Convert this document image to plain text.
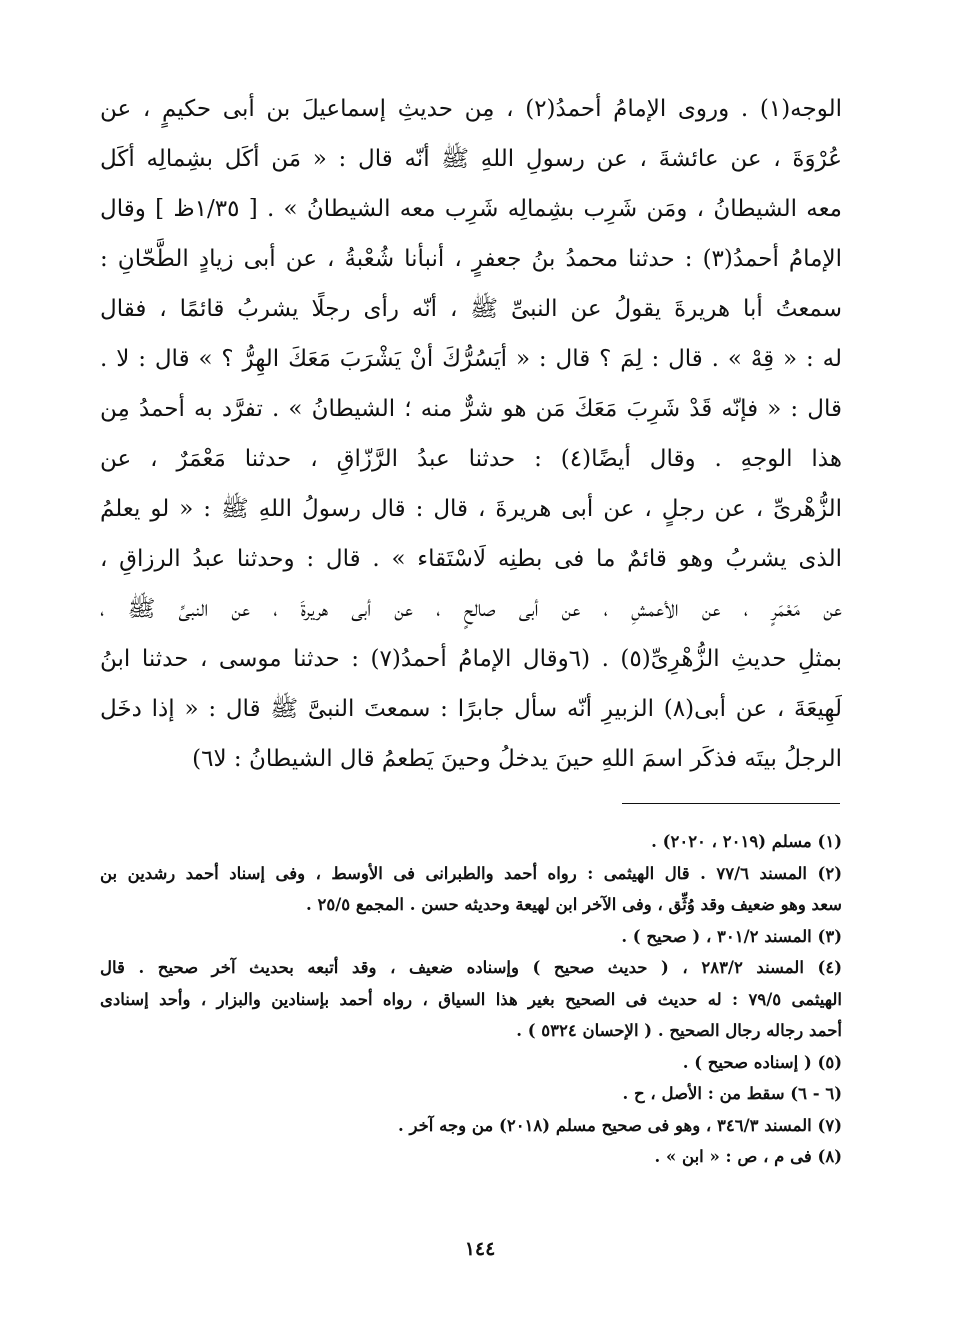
الوجه(١) . وروى الإمامُ أحمدُ(٢) ، مِن حديثِ إسماعيلَ بن أبى حكيمٍ ، عن
عُرْوَةَ ، عن عائشةَ ، عن رسولِ اللهِ ﷺ أنّه قال : « مَن أكَل بشِمالِه أكَل
معه الشيطانُ ، ومَن شَرِب بشِمالِه شَرِب معه الشيطانُ » . [ ١/٣٥ظ ] وقال
الإمامُ أحمدُ(٣) : حدثنا محمدُ بنُ جعفرٍ ، أنبأنا شُعْبةُ ، عن أبى زيادٍ الطَّحّانِ :
سمعتُ أبا هريرةَ يقولُ عن النبىِّ ﷺ ، أنّه رأى رجلًا يشربُ قائمًا ، فقال
له : « قِهْ » . قال : لِمَ ؟ قال : « أيَسُرُّكَ أنْ يَشْرَبَ مَعَكَ الهِرُّ ؟ » قال : لا .
قال : « فإنّه قَدْ شَرِبَ مَعَكَ مَن هو شرٌّ منه ؛ الشيطانُ » . تفرَّد به أحمدُ مِن
هذا الوجهِ . وقال أيضًا(٤) : حدثنا عبدُ الرَّزّاقِ ، حدثنا مَعْمَرٌ ، عن
الزُّهْرىِّ ، عن رجلٍ ، عن أبى هريرةَ ، قال : قال رسولُ اللهِ ﷺ : « لو يعلمُ
الذى يشربُ وهو قائمٌ ما فى بطنِه لَاسْتَقاء » . قال : وحدثنا عبدُ الرزاقِ ،
عن مَعْمَرٍ ، عن الأعمشِ ، عن أبى صالحٍ ، عن أبى هريرةَ ، عن النبىِّ ﷺ ،
بمثلِ حديثِ الزُّهْرِىِّ(٥) . (٦وقال الإمامُ أحمدُ(٧) : حدثنا موسى ، حدثنا ابنُ
لَهِيعَةَ ، عن أبى(٨) الزبيرِ أنّه سأل جابرًا : سمعتَ النبىَّ ﷺ قال : « إذا دخَل
الرجلُ بيتَه فذكَر اسمَ اللهِ حينَ يدخلُ وحينَ يَطعمُ قال الشيطانُ : لا٦)
(١) مسلم (٢٠١٩ ، ٢٠٢٠) .
(٢) المسند ٧٧/٦ . قال الهيثمى : رواه أحمد والطبرانى فى الأوسط ، وفى إسناد أحمد رشدين بن
سعد وهو ضعيف وقد وُثِّق ، وفى الآخر ابن لهيعة وحديثه حسن . المجمع ٢٥/٥ .
(٣) المسند ٣٠١/٢ ، ( صحيح ) .
(٤) المسند ٢٨٣/٢ ، ( حديث صحيح ) وإسناده ضعيف ، وقد أتبعه بحديث آخر صحيح . قال
الهيثمى ٧٩/٥ : له حديث فى الصحيح بغير هذا السياق ، رواه أحمد بإسنادين والبزار ، وأحد إسنادى
أحمد رجاله رجال الصحيح . ( الإحسان ٥٣٢٤ ) .
(٥) ( إسناده صحيح ) .
(٦ - ٦) سقط من : الأصل ، ح .
(٧) المسند ٣٤٦/٣ ، وهو فى صحيح مسلم (٢٠١٨) من وجه آخر .
(٨) فى م ، ص : « ابن » .
١٤٤
